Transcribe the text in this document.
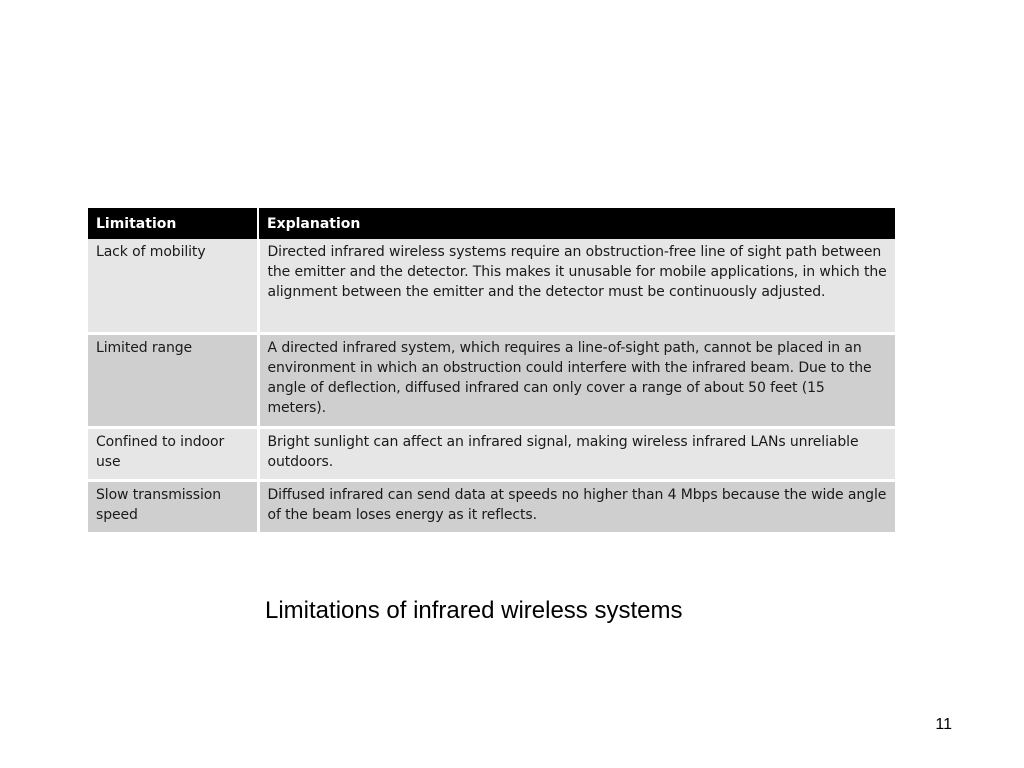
Limitation	Explanation
Lack of mobility	Directed infrared wireless systems require an obstruction-free line of sight path between the emitter and the detector. This makes it unusable for mobile applications, in which the alignment between the emitter and the detector must be continuously adjusted.
Limited range	A directed infrared system, which requires a line-of-sight path, cannot be placed in an environment in which an obstruction could interfere with the infrared beam. Due to the angle of deflection, diffused infrared can only cover a range of about 50 feet (15 meters).
Confined to indoor use	Bright sunlight can affect an infrared signal, making wireless infrared LANs unreliable outdoors.
Slow transmission speed	Diffused infrared can send data at speeds no higher than 4 Mbps because the wide angle of the beam loses energy as it reflects.
Limitations of infrared wireless systems
11
